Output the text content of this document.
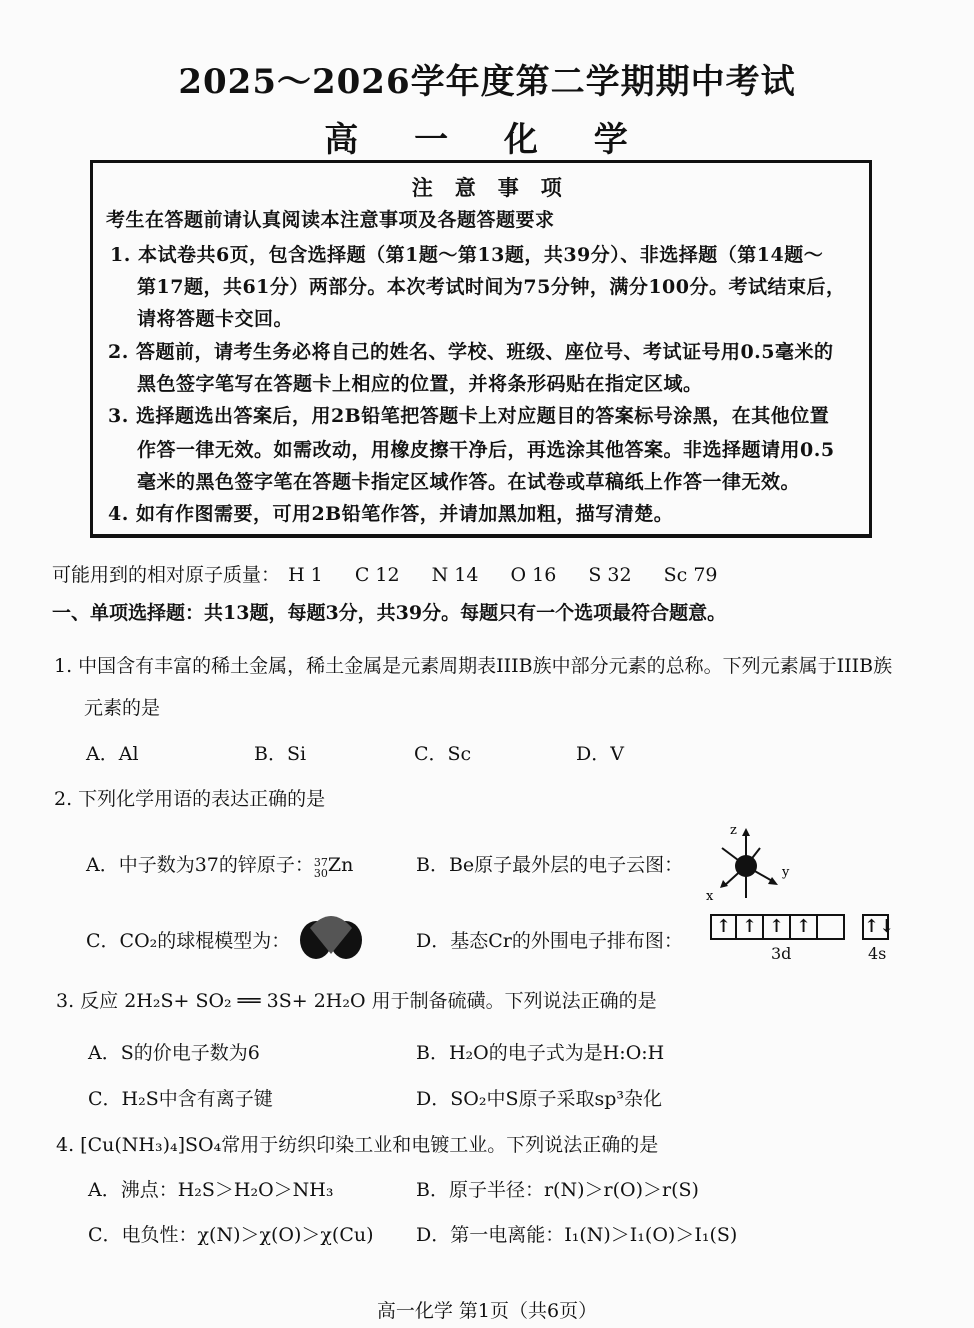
2025～2026学年度第二学期期中考试
高 一 化 学
注　意　事　项
考生在答题前请认真阅读本注意事项及各题答题要求
1. 本试卷共6页，包含选择题（第1题～第13题，共39分）、非选择题（第14题～
第17题，共61分）两部分。本次考试时间为75分钟，满分100分。考试结束后，
请将答题卡交回。
2. 答题前，请考生务必将自己的姓名、学校、班级、座位号、考试证号用0.5毫米的
黑色签字笔写在答题卡上相应的位置，并将条形码贴在指定区域。
3. 选择题选出答案后，用2B铅笔把答题卡上对应题目的答案标号涂黑，在其他位置
作答一律无效。如需改动，用橡皮擦干净后，再选涂其他答案。非选择题请用0.5
毫米的黑色签字笔在答题卡指定区域作答。在试卷或草稿纸上作答一律无效。
4. 如有作图需要，可用2B铅笔作答，并请加黑加粗，描写清楚。
可能用到的相对原子质量： H 1 C 12 N 14 O 16 S 32 Sc 79
一、单项选择题：共13题，每题3分，共39分。每题只有一个选项最符合题意。
1. 中国含有丰富的稀土金属，稀土金属是元素周期表IIIB族中部分元素的总称。下列元素属于IIIB族
元素的是
A．Al	B．Si	C．Sc	D．V
2. 下列化学用语的表达正确的是
A．中子数为37的锌原子：37
30Zn	B．Be原子最外层的电子云图：
z
y
x
C．CO₂的球棍模型为：	D．基态Cr的外围电子排布图：
↑ ↑ ↑ ↑	↑↓
3d	4s
3. 反应 2H₂S+ SO₂ ══ 3S+ 2H₂O 用于制备硫磺。下列说法正确的是
A．S的价电子数为6	B．H₂O的电子式为是H:O:H
C．H₂S中含有离子键	D．SO₂中S原子采取sp³杂化
4. [Cu(NH₃)₄]SO₄常用于纺织印染工业和电镀工业。下列说法正确的是
A．沸点：H₂S＞H₂O＞NH₃	B．原子半径：r(N)＞r(O)＞r(S)
C．电负性：χ(N)＞χ(O)＞χ(Cu) D．第一电离能：I₁(N)＞I₁(O)＞I₁(S)
高一化学 第1页（共6页）
